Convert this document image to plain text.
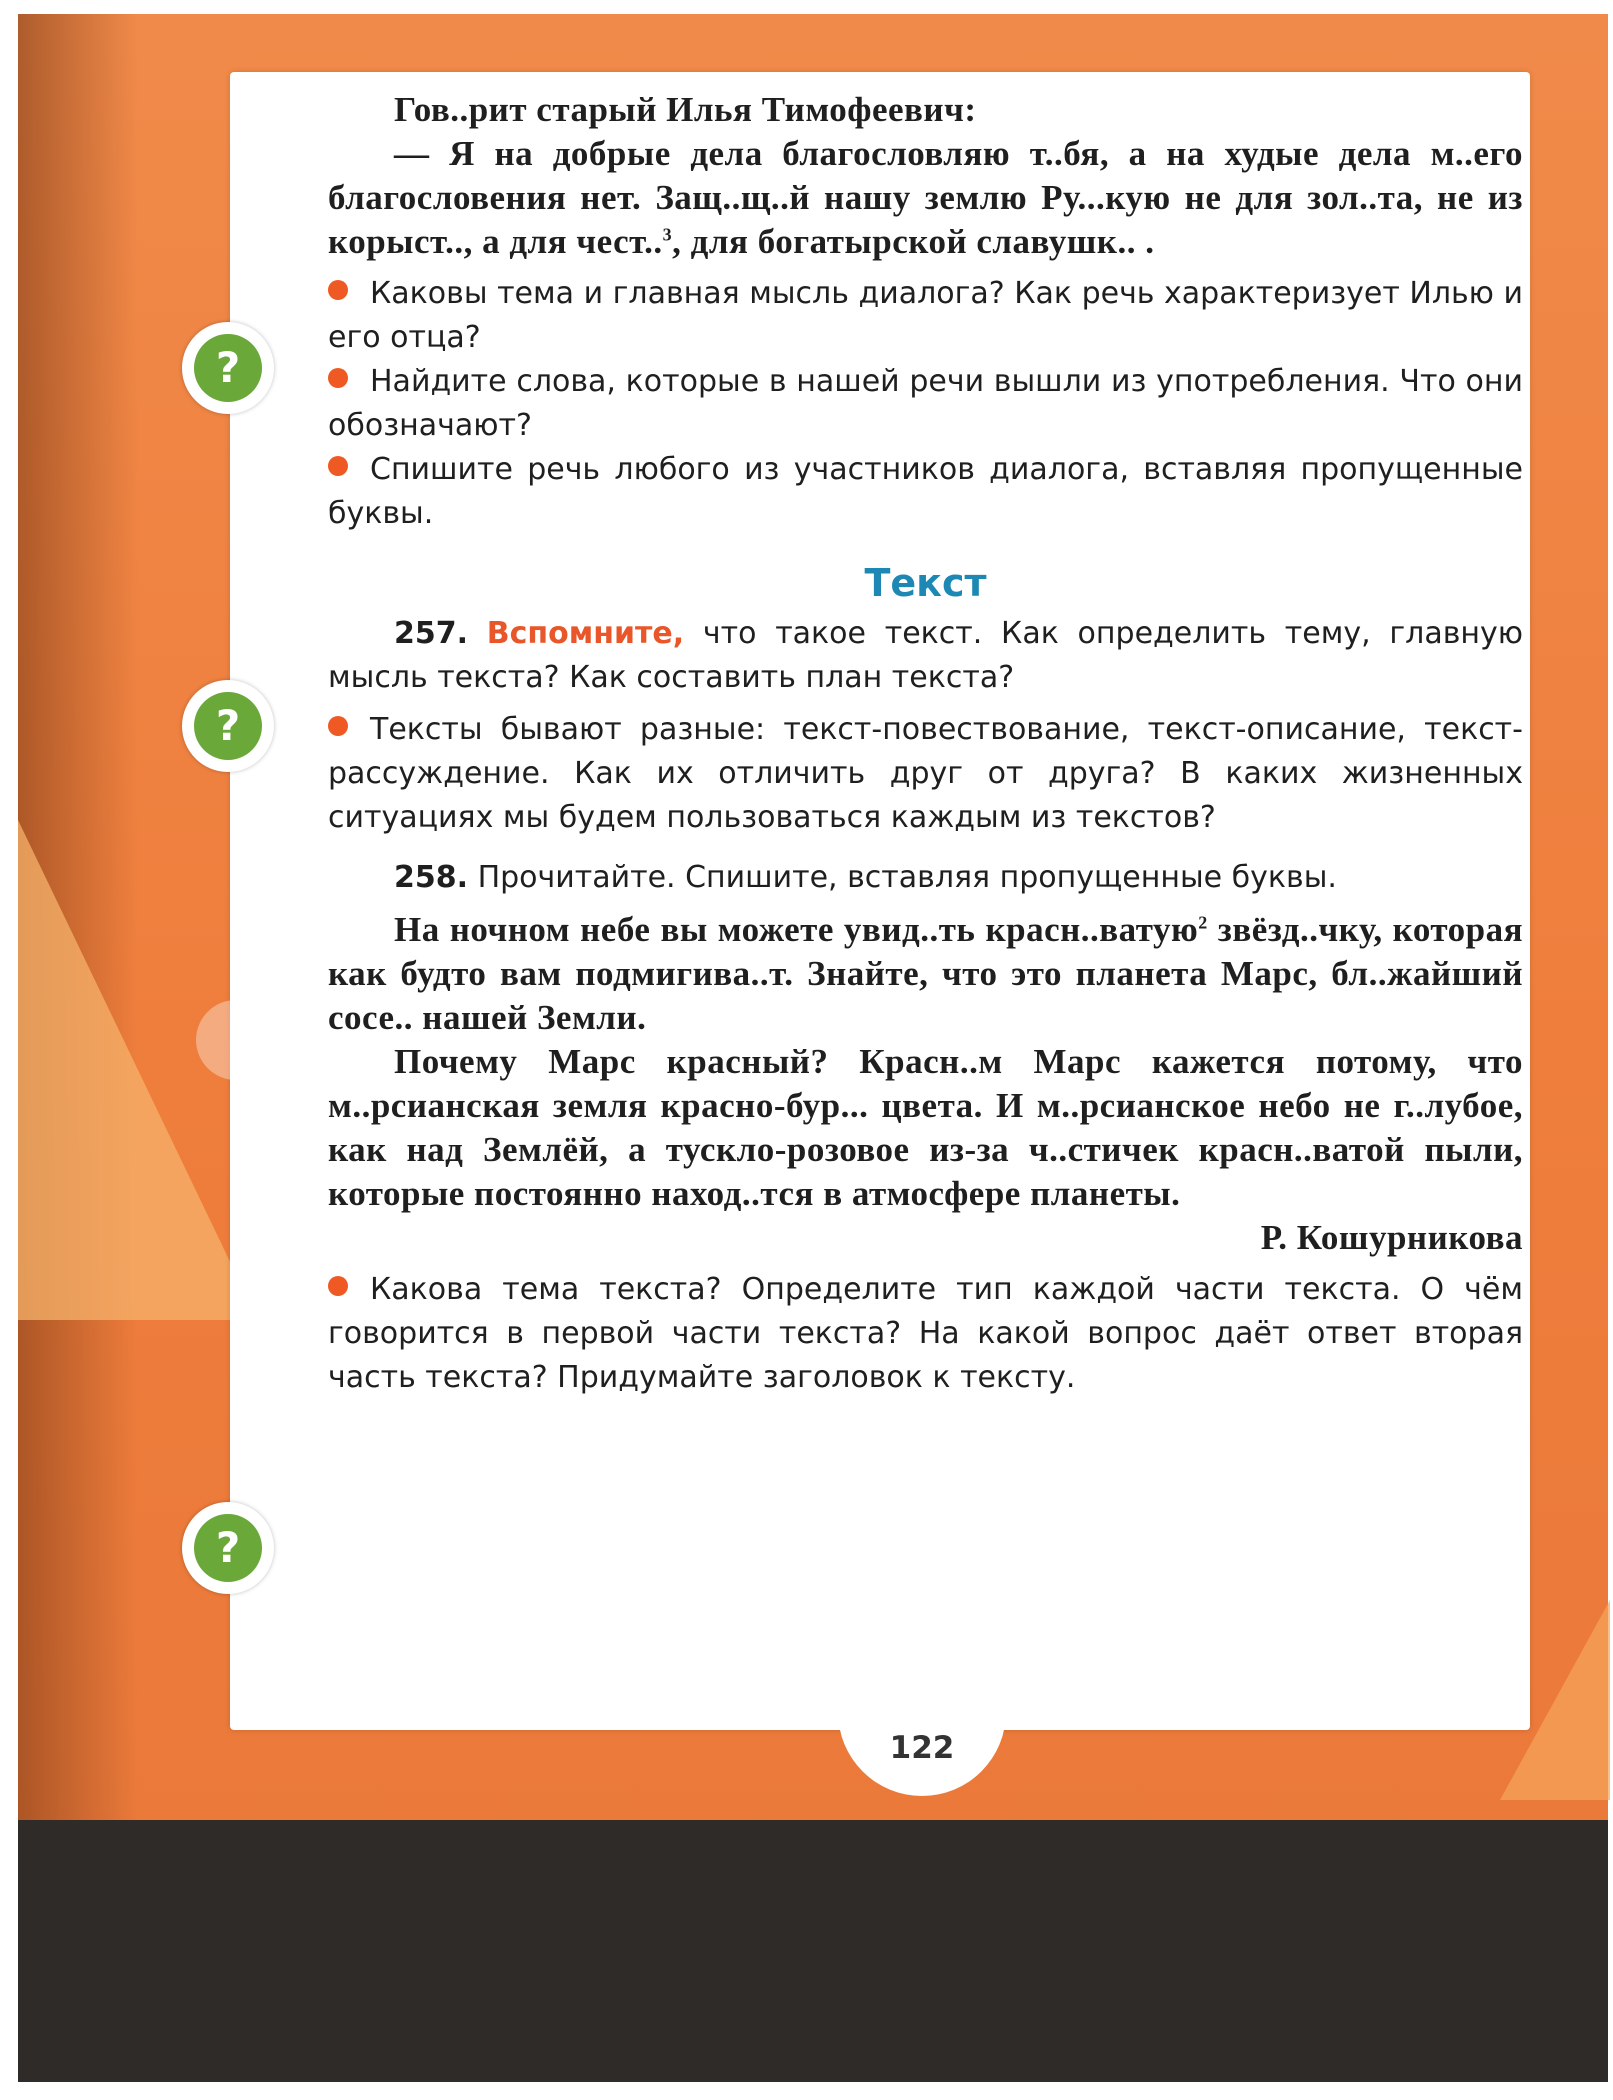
?
?
?

Гов..рит старый Илья Тимофеевич:

— Я на добрые дела благословляю т..бя, а на худые дела м..его благословения нет. Защ..щ..й нашу землю Ру...кую не для зол..та, не из корыст.., а для чест..$^3$, для богатырской славушк.. .

Каковы тема и главная мысль диалога? Как речь характеризует Илью и его отца?

Найдите слова, которые в нашей речи вышли из употребления. Что они обозначают?

Спишите речь любого из участников диалога, вставляя пропущенные буквы.

Текст

257. Вспомните, что такое текст. Как определить тему, главную мысль текста? Как составить план текста?

Тексты бывают разные: текст-повествование, текст-описание, текст-рассуждение. Как их отличить друг от друга? В каких жизненных ситуациях мы будем пользоваться каждым из текстов?

258. Прочитайте. Спишите, вставляя пропущенные буквы.

На ночном небе вы можете увид..ть красн..ватую$^2$ звёзд..чку, которая как будто вам подмигива..т. Знайте, что это планета Марс, бл..жайший сосе.. нашей Земли.

Почему Марс красный? Красн..м Марс кажется потому, что м..рсианская земля красно-бур... цвета. И м..рсианское небо не г..лубое, как над Землёй, а тускло-розовое из-за ч..стичек красн..ватой пыли, которые постоянно наход..тся в атмосфере планеты.

Р. Кошурникова

Какова тема текста? Определите тип каждой части текста. О чём говорится в первой части текста? На какой вопрос даёт ответ вторая часть текста? Придумайте заголовок к тексту.

122
